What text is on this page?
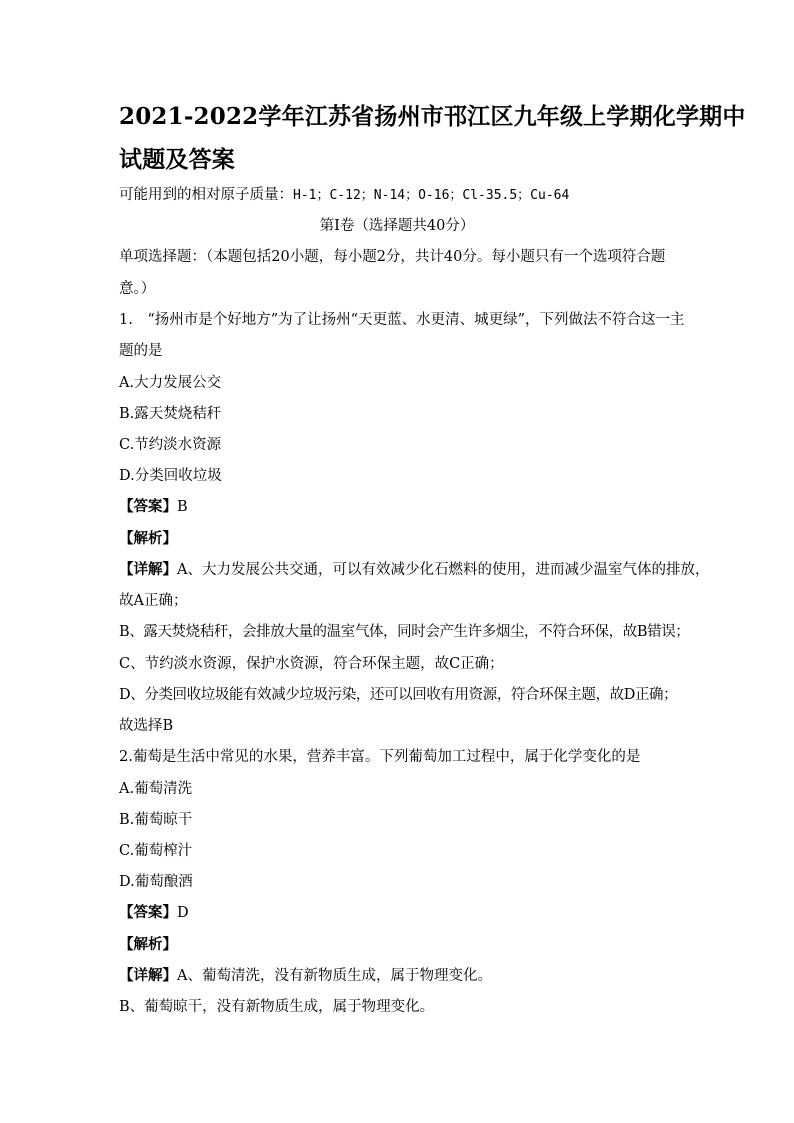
2021-2022学年江苏省扬州市邗江区九年级上学期化学期中
试题及答案
可能用到的相对原子质量：H-1；C-12；N-14；O-16；Cl-35.5；Cu-64
第Ⅰ卷（选择题共40分）
单项选择题：（本题包括20小题，每小题2分，共计40分。每小题只有一个选项符合题
意。）
1.　“扬州市是个好地方”为了让扬州“天更蓝、水更清、城更绿”，下列做法不符合这一主
题的是
A.大力发展公交
B.露天焚烧秸秆
C.节约淡水资源
D.分类回收垃圾
【答案】B
【解析】
【详解】A、大力发展公共交通，可以有效减少化石燃料的使用，进而减少温室气体的排放，
故A正确；
B、露天焚烧秸秆，会排放大量的温室气体，同时会产生许多烟尘，不符合环保，故B错误；
C、节约淡水资源，保护水资源，符合环保主题，故C正确；
D、分类回收垃圾能有效减少垃圾污染，还可以回收有用资源，符合环保主题，故D正确；
故选择B
2.葡萄是生活中常见的水果，营养丰富。下列葡萄加工过程中，属于化学变化的是
A.葡萄清洗
B.葡萄晾干
C.葡萄榨汁
D.葡萄酿酒
【答案】D
【解析】
【详解】A、葡萄清洗，没有新物质生成，属于物理变化。
B、葡萄晾干，没有新物质生成，属于物理变化。
